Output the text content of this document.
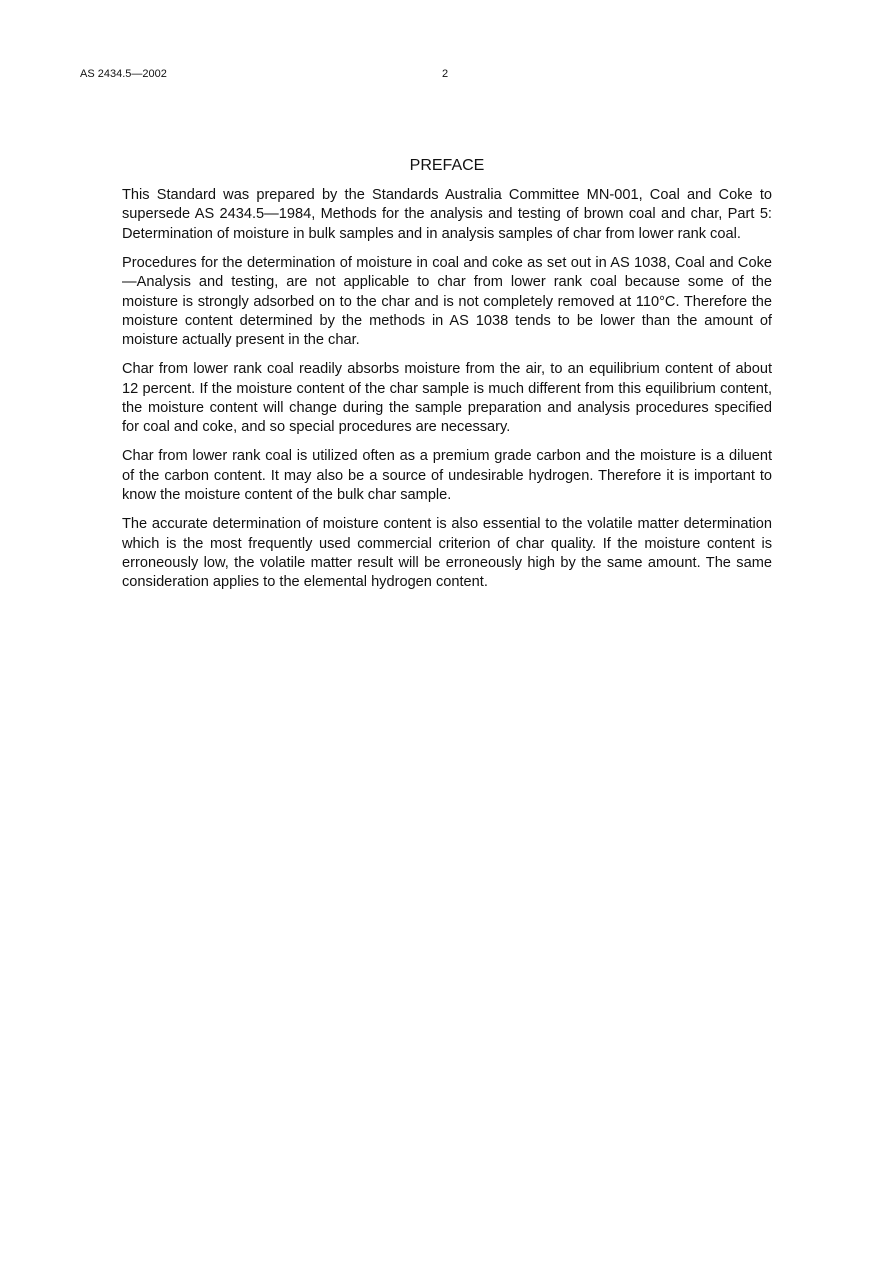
AS 2434.5—2002	2
PREFACE

This Standard was prepared by the Standards Australia Committee MN-001, Coal and Coke to supersede AS 2434.5—1984, Methods for the analysis and testing of brown coal and char, Part 5: Determination of moisture in bulk samples and in analysis samples of char from lower rank coal.

Procedures for the determination of moisture in coal and coke as set out in AS 1038, Coal and Coke—Analysis and testing, are not applicable to char from lower rank coal because some of the moisture is strongly adsorbed on to the char and is not completely removed at 110°C. Therefore the moisture content determined by the methods in AS 1038 tends to be lower than the amount of moisture actually present in the char.

Char from lower rank coal readily absorbs moisture from the air, to an equilibrium content of about 12 percent. If the moisture content of the char sample is much different from this equilibrium content, the moisture content will change during the sample preparation and analysis procedures specified for coal and coke, and so special procedures are necessary.

Char from lower rank coal is utilized often as a premium grade carbon and the moisture is a diluent of the carbon content. It may also be a source of undesirable hydrogen. Therefore it is important to know the moisture content of the bulk char sample.

The accurate determination of moisture content is also essential to the volatile matter determination which is the most frequently used commercial criterion of char quality. If the moisture content is erroneously low, the volatile matter result will be erroneously high by the same amount. The same consideration applies to the elemental hydrogen content.
